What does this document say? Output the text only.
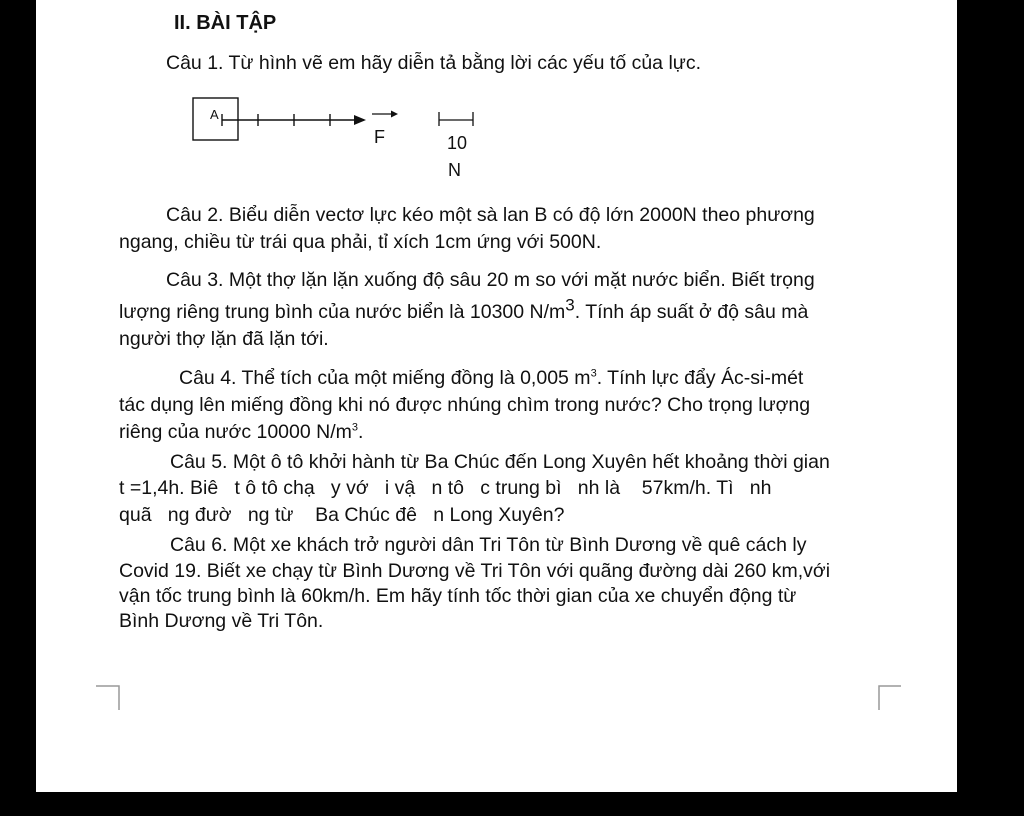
II. BÀI TẬP

Câu 1. Từ hình vẽ em hãy diễn tả bằng lời các yếu tố của lực.

A
F	10
N

Câu 2. Biểu diễn vectơ lực kéo một sà lan B có độ lớn 2000N theo phương

ngang, chiều từ trái qua phải, tỉ xích 1cm ứng với 500N.

Câu 3. Một thợ lặn lặn xuống độ sâu 20 m so với mặt nước biển. Biết trọng

lượng riêng trung bình của nước biển là 10300 $N/m^3$. Tính áp suất ở độ sâu mà

người thợ lặn đã lặn tới.

Câu 4. Thể tích của một miếng đồng là 0,005 $m^3$. Tính lực đẩy Ác-si-mét

tác dụng lên miếng đồng khi nó được nhúng chìm trong nước? Cho trọng lượng

riêng của nước 10000 $N/m^3$.

Câu 5. Một ô tô khởi hành từ Ba Chúc đến Long Xuyên hết khoảng thời gian

t =1,4h. Biê   t ô tô chạ   y vớ   i vậ   n tô   c trung bì   nh là    57km/h. Tì   nh

quã   ng đườ   ng từ    Ba Chúc đê   n Long Xuyên?

Câu 6. Một xe khách trở người dân Tri Tôn từ Bình Dương về quê cách ly

Covid 19. Biết xe chạy từ Bình Dương về Tri Tôn với quãng đường dài 260 km,với

vận tốc trung bình là 60km/h. Em hãy tính tốc thời gian của xe chuyển động từ

Bình Dương về Tri Tôn.
